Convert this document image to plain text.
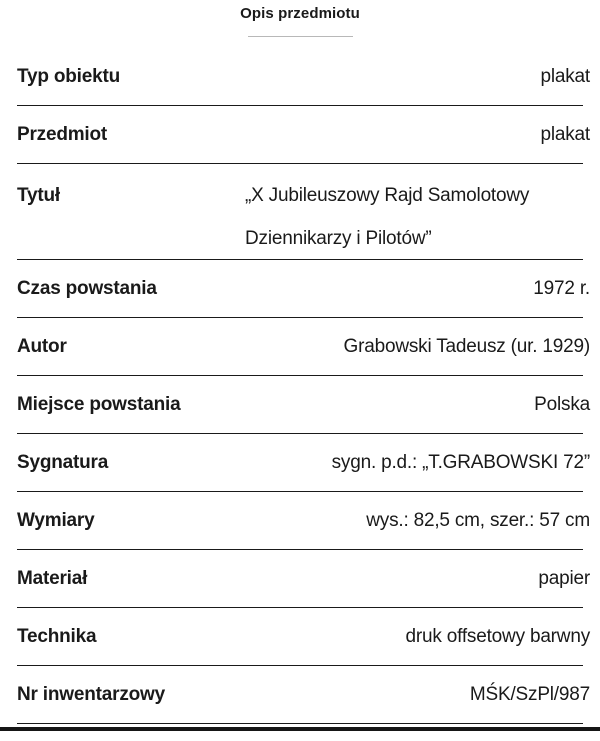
Opis przedmiotu
Typ obiektu	plakat
Przedmiot	plakat
Tytuł	„X Jubileuszowy Rajd Samolotowy Dziennikarzy i Pilotów”
Czas powstania	1972 r.
Autor	Grabowski Tadeusz (ur. 1929)
Miejsce powstania	Polska
Sygnatura	sygn. p.d.: „T.GRABOWSKI 72”
Wymiary	wys.: 82,5 cm, szer.: 57 cm
Materiał	papier
Technika	druk offsetowy barwny
Nr inwentarzowy	MŚK/SzPl/987
